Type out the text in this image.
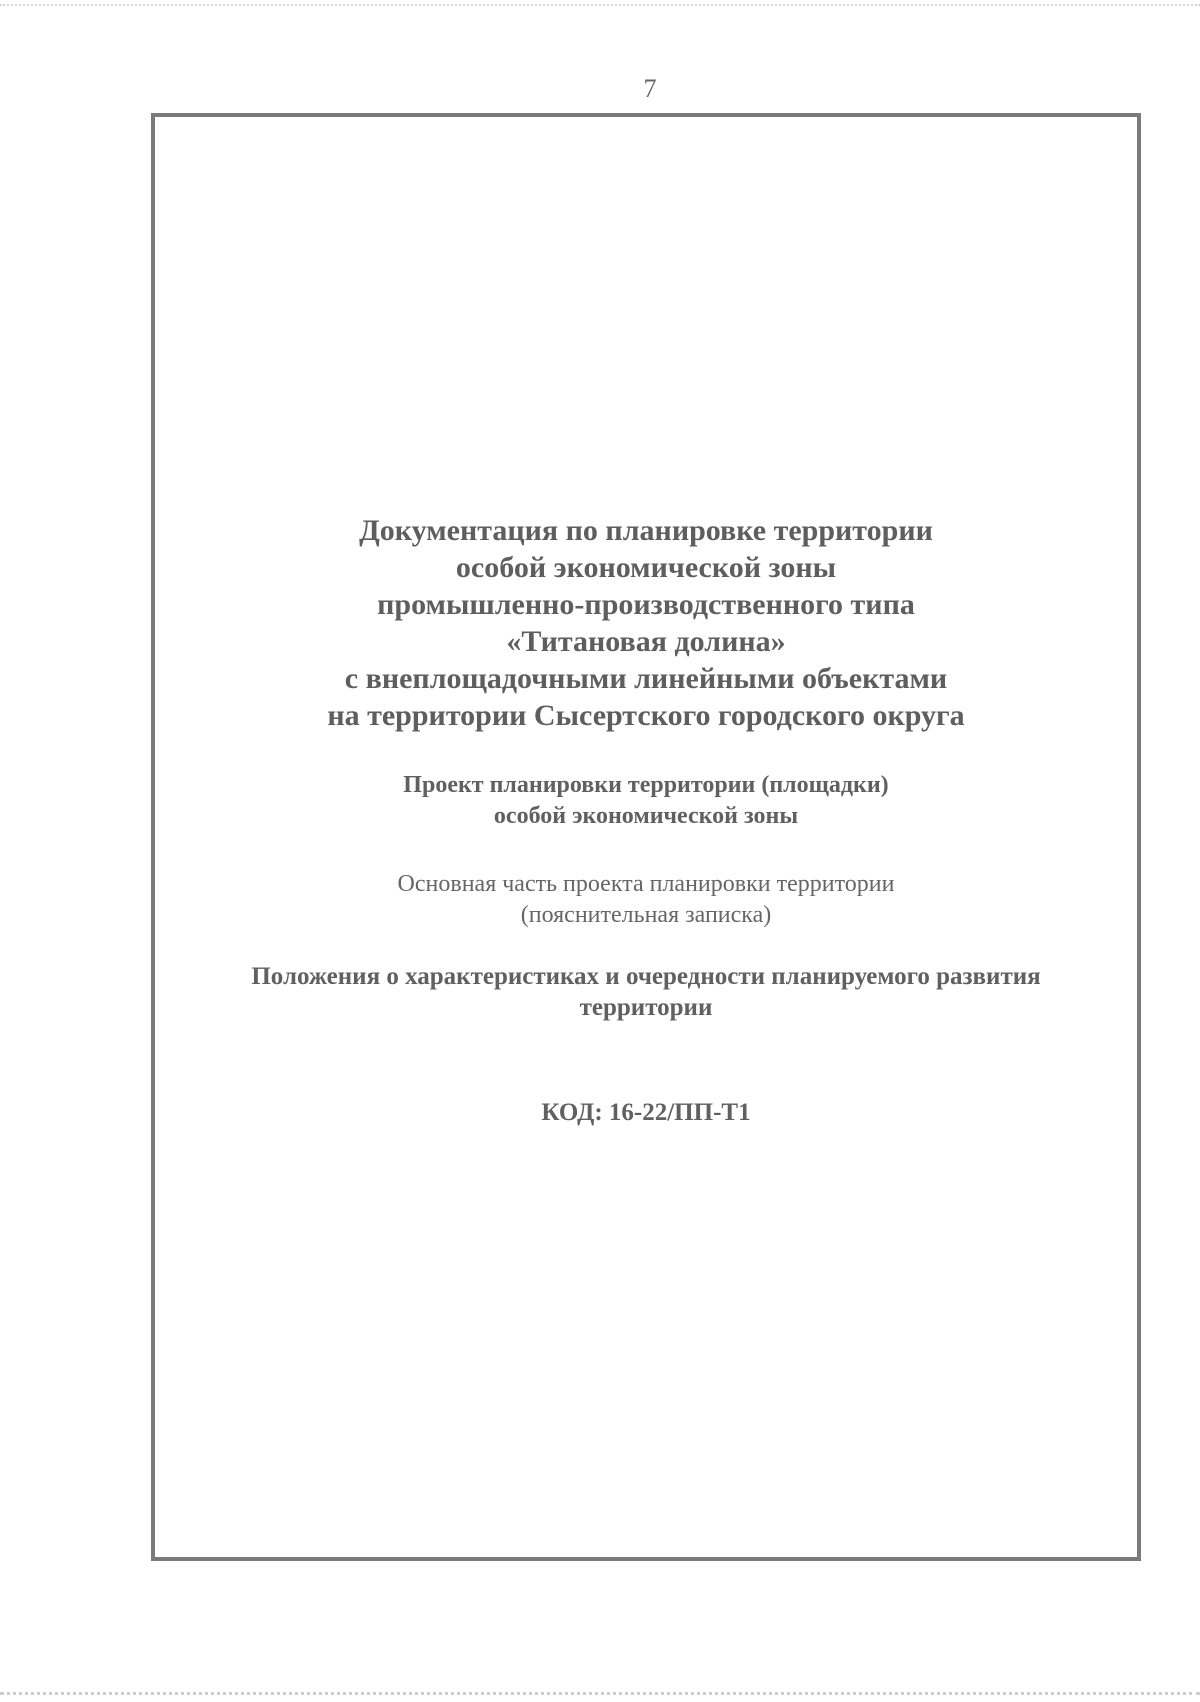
7
Документация по планировке территории
особой экономической зоны
промышленно-производственного типа
«Титановая долина»
с внеплощадочными линейными объектами
на территории Сысертского городского округа
Проект планировки территории (площадки)
особой экономической зоны
Основная часть проекта планировки территории
(пояснительная записка)
Положения о характеристиках и очередности планируемого развития
территории
КОД: 16-22/ПП-Т1
